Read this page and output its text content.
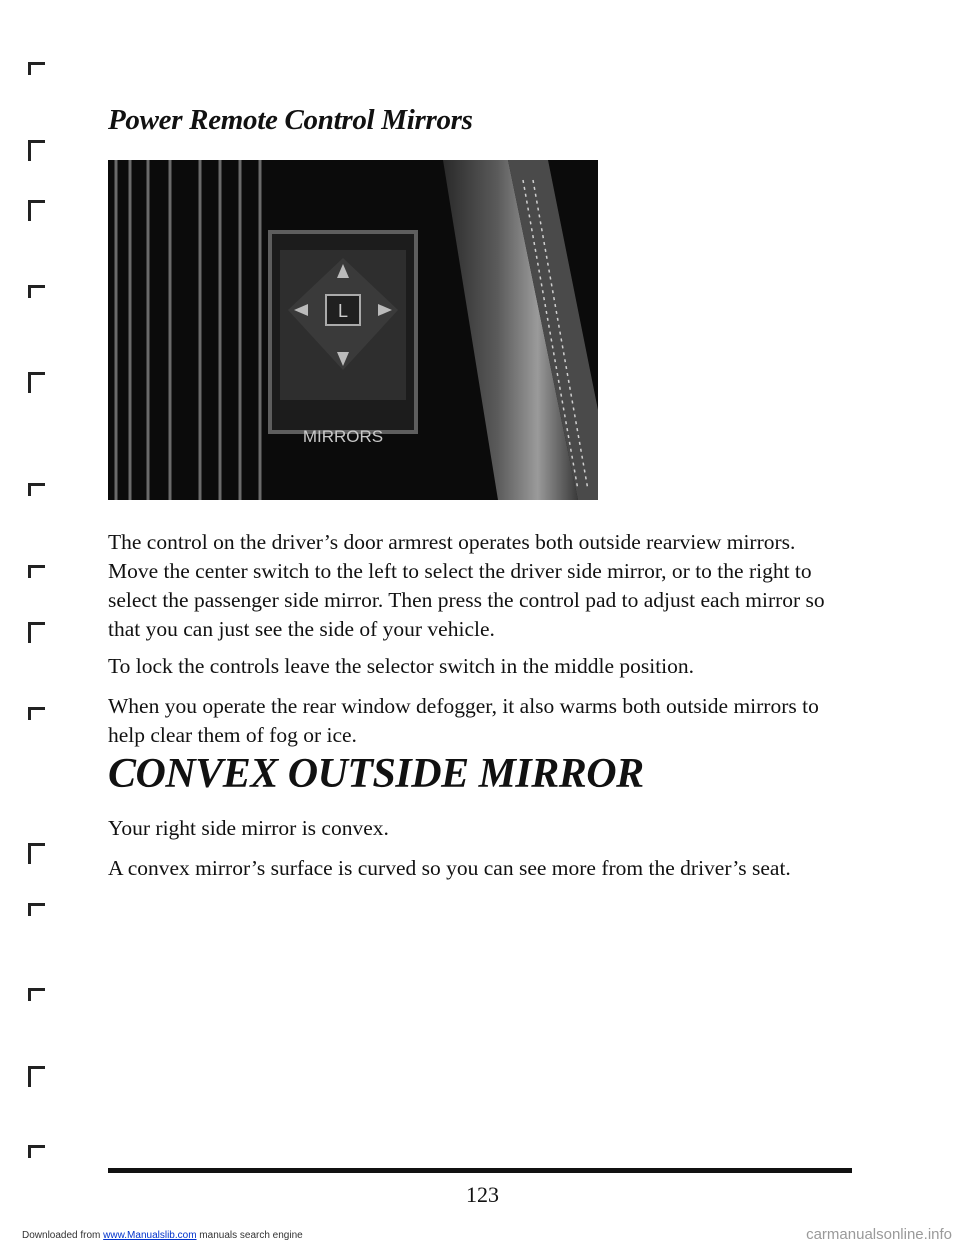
Power Remote Control Mirrors
L
MIRRORS

The control on the driver’s door armrest operates both outside rearview mirrors. Move the center switch to the left to select the driver side mirror, or to the right to select the passenger side mirror. Then press the control pad to adjust each mirror so that you can just see the side of your vehicle.

To lock the controls leave the selector switch in the middle position.

When you operate the rear window defogger, it also warms both outside mirrors to help clear them of fog or ice.

CONVEX OUTSIDE MIRROR

Your right side mirror is convex.

A convex mirror’s surface is curved so you can see more from the driver’s seat.

123
Downloaded from www.Manualslib.com manuals search engine	carmanualsonline.info
